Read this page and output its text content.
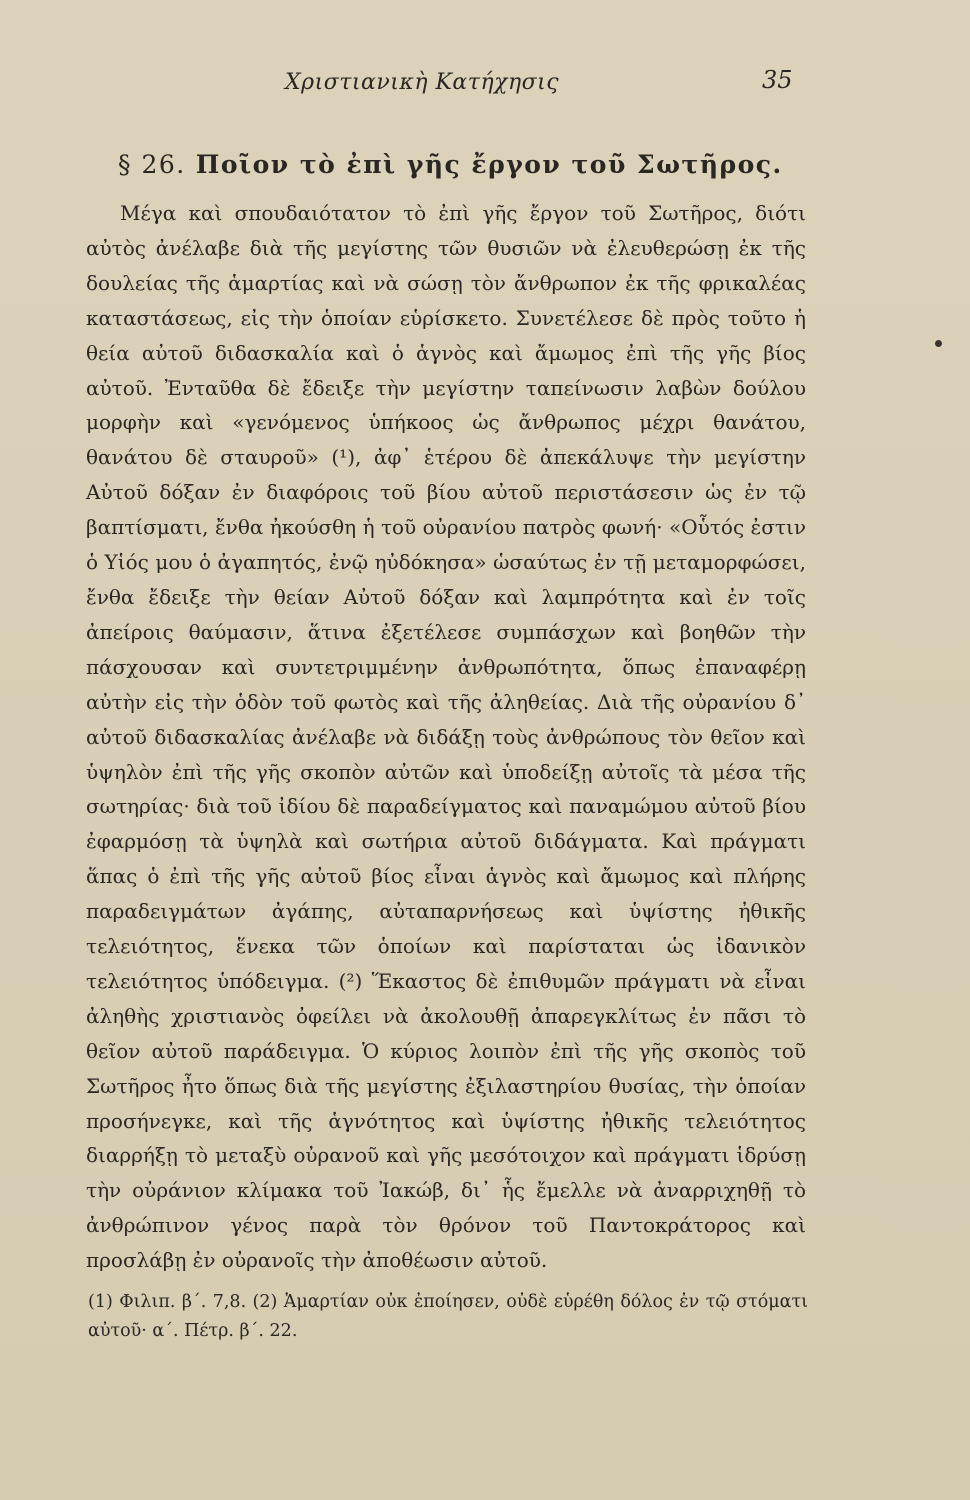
Χριστιανικὴ Κατήχησις	35
§ 26. Ποῖον τὸ ἐπὶ γῆς ἔργον τοῦ Σωτῆρος.

Μέγα καὶ σπουδαιότατον τὸ ἐπὶ γῆς ἔργον τοῦ Σωτῆρος, διότι αὐτὸς ἀνέλαβε διὰ τῆς μεγίστης τῶν θυσιῶν νὰ ἐλευθερώσῃ ἐκ τῆς δουλείας τῆς ἁμαρτίας καὶ νὰ σώσῃ τὸν ἄνθρωπον ἐκ τῆς φρικαλέας καταστάσεως, εἰς τὴν ὁποίαν εὑρίσκετο. Συνετέλεσε δὲ πρὸς τοῦτο ἡ θεία αὐτοῦ διδασκαλία καὶ ὁ ἁγνὸς καὶ ἄμωμος ἐπὶ τῆς γῆς βίος αὐτοῦ. Ἐνταῦθα δὲ ἔδειξε τὴν μεγίστην ταπείνωσιν λαβὼν δούλου μορφὴν καὶ «γενόμενος ὑπήκοος ὡς ἄνθρωπος μέχρι θανάτου, θανάτου δὲ σταυροῦ» (¹), ἀφ᾽ ἑτέρου δὲ ἀπεκάλυψε τὴν μεγίστην Αὐτοῦ δόξαν ἐν διαφόροις τοῦ βίου αὐτοῦ περιστάσεσιν ὡς ἐν τῷ βαπτίσματι, ἔνθα ἠκούσθη ἡ τοῦ οὐρανίου πατρὸς φωνή· «Οὗτός ἐστιν ὁ Υἱός μου ὁ ἀγαπητός, ἐνῷ ηὐδόκησα» ὡσαύτως ἐν τῇ μεταμορφώσει, ἔνθα ἔδειξε τὴν θείαν Αὐτοῦ δόξαν καὶ λαμπρότητα καὶ ἐν τοῖς ἀπείροις θαύμασιν, ἅτινα ἐξετέλεσε συμπάσχων καὶ βοηθῶν τὴν πάσχουσαν καὶ συντετριμμένην ἀνθρωπότητα, ὅπως ἐπαναφέρῃ αὐτὴν εἰς τὴν ὁδὸν τοῦ φωτὸς καὶ τῆς ἀληθείας. Διὰ τῆς οὐρανίου δ᾽ αὐτοῦ διδασκαλίας ἀνέλαβε νὰ διδάξῃ τοὺς ἀνθρώπους τὸν θεῖον καὶ ὑψηλὸν ἐπὶ τῆς γῆς σκοπὸν αὐτῶν καὶ ὑποδείξῃ αὐτοῖς τὰ μέσα τῆς σωτηρίας· διὰ τοῦ ἰδίου δὲ παραδείγματος καὶ παναμώμου αὐτοῦ βίου ἐφαρμόσῃ τὰ ὑψηλὰ καὶ σωτήρια αὐτοῦ διδάγματα. Καὶ πράγματι ἅπας ὁ ἐπὶ τῆς γῆς αὐτοῦ βίος εἶναι ἁγνὸς καὶ ἄμωμος καὶ πλήρης παραδειγμάτων ἀγάπης, αὐταπαρνήσεως καὶ ὑψίστης ἠθικῆς τελειότητος, ἕνεκα τῶν ὁποίων καὶ παρίσταται ὡς ἰδανικὸν τελειότητος ὑπόδειγμα. (²) Ἕκαστος δὲ ἐπιθυμῶν πράγματι νὰ εἶναι ἀληθὴς χριστιανὸς ὀφείλει νὰ ἀκολουθῇ ἀπαρεγκλίτως ἐν πᾶσι τὸ θεῖον αὐτοῦ παράδειγμα. Ὁ κύριος λοιπὸν ἐπὶ τῆς γῆς σκοπὸς τοῦ Σωτῆρος ἦτο ὅπως διὰ τῆς μεγίστης ἐξιλαστηρίου θυσίας, τὴν ὁποίαν προσήνεγκε, καὶ τῆς ἁγνότητος καὶ ὑψίστης ἠθικῆς τελειότητος διαρρήξῃ τὸ μεταξὺ οὐρανοῦ καὶ γῆς μεσότοιχον καὶ πράγματι ἱδρύσῃ τὴν οὐράνιον κλίμακα τοῦ Ἰακώβ, δι᾽ ἧς ἔμελλε νὰ ἀναρριχηθῇ τὸ ἀνθρώπινον γένος παρὰ τὸν θρόνον τοῦ Παντοκράτορος καὶ προσλάβῃ ἐν οὐρανοῖς τὴν ἀποθέωσιν αὐτοῦ.

(1) Φιλιπ. β΄. 7,8. (2) Ἁμαρτίαν οὐκ ἐποίησεν, οὐδὲ εὑρέθη δόλος ἐν τῷ στόματι αὐτοῦ· α΄. Πέτρ. β΄. 22.
